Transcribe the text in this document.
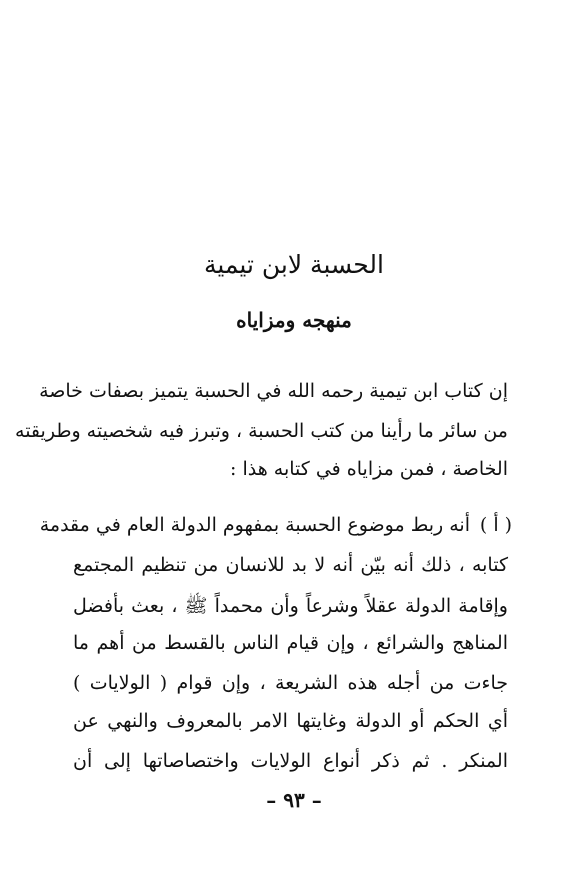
الحسبة لابن تيمية
منهجه ومزاياه
إن كتاب ابن تيمية رحمه الله في الحسبة يتميز بصفات خاصة
من سائر ما رأينا من كتب الحسبة ، وتبرز فيه شخصيته وطريقته
الخاصة ، فمن مزاياه في كتابه هذا :
( أ )
أنه ربط موضوع الحسبة بمفهوم الدولة العام في مقدمة
كتابه ، ذلك أنه بيّن أنه لا بد للانسان من تنظيم المجتمع
وإقامة الدولة عقلاً وشرعاً وأن محمداً ﷺ ، بعث بأفضل
المناهج والشرائع ، وإن قيام الناس بالقسط من أهم ما
جاءت من أجله هذه الشريعة ، وإن قوام ( الولايات )
أي الحكم أو الدولة وغايتها الامر بالمعروف والنهي عن
المنكر . ثم ذكر أنواع الولايات واختصاصاتها إلى أن
– ٩٣ –
